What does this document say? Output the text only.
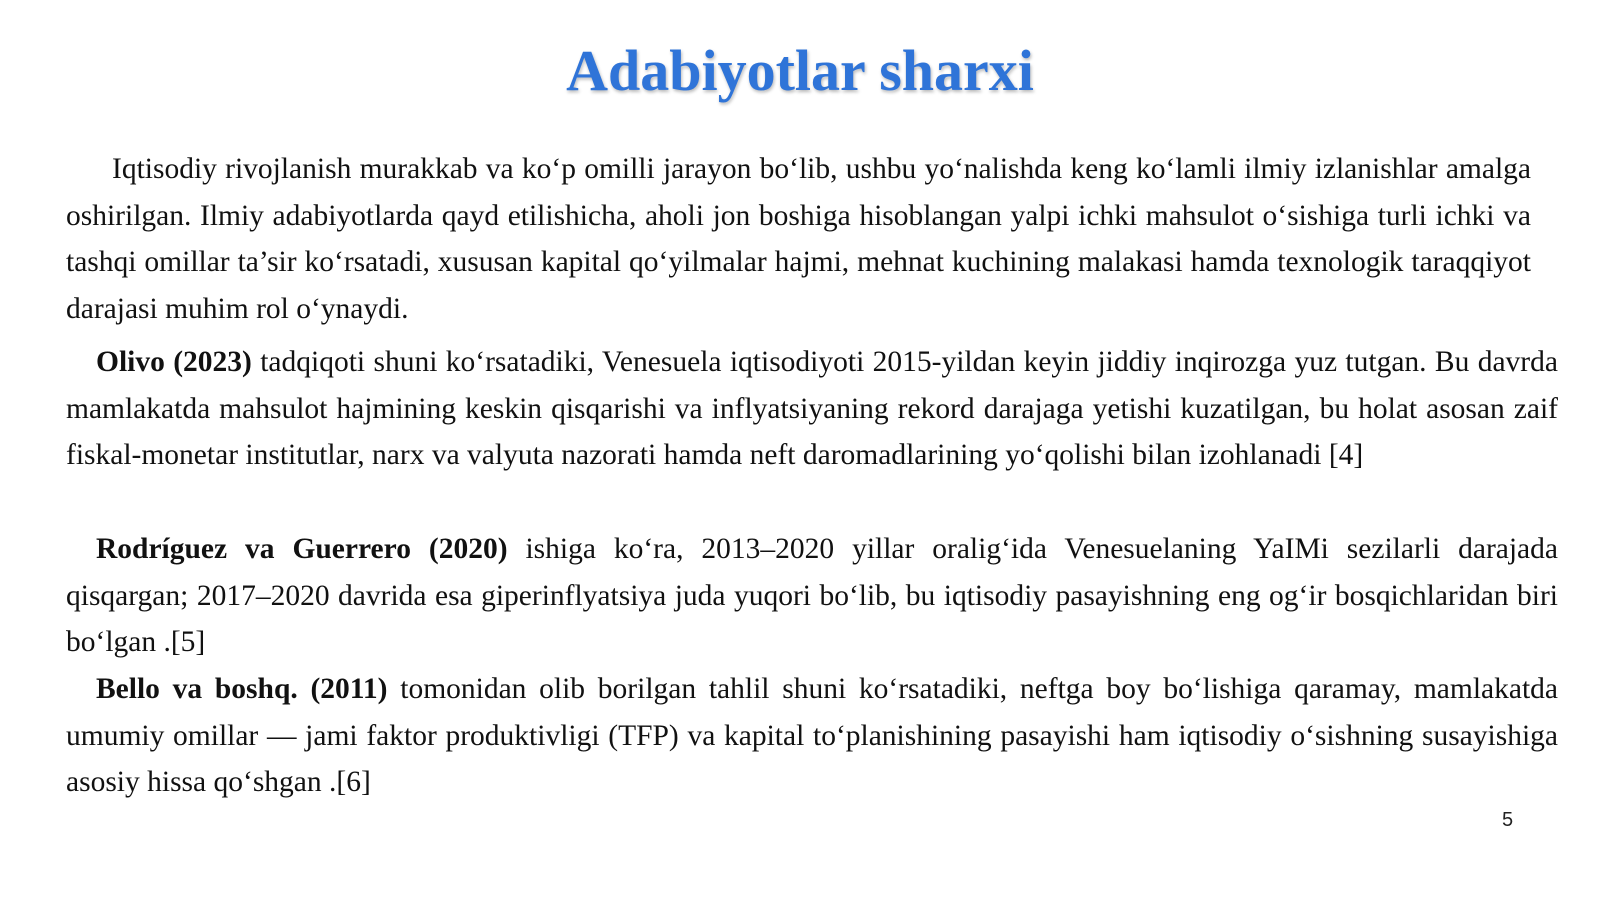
Adabiyotlar sharxi

Iqtisodiy rivojlanish murakkab va ko‘p omilli jarayon bo‘lib, ushbu yo‘nalishda keng ko‘lamli ilmiy izlanishlar amalga oshirilgan. Ilmiy adabiyotlarda qayd etilishicha, aholi jon boshiga hisoblangan yalpi ichki mahsulot o‘sishiga turli ichki va tashqi omillar ta’sir ko‘rsatadi, xususan kapital qo‘yilmalar hajmi, mehnat kuchining malakasi hamda texnologik taraqqiyot darajasi muhim rol o‘ynaydi.

Olivo (2023) tadqiqoti shuni ko‘rsatadiki, Venesuela iqtisodiyoti 2015-yildan keyin jiddiy inqirozga yuz tutgan. Bu davrda mamlakatda mahsulot hajmining keskin qisqarishi va inflyatsiyaning rekord darajaga yetishi kuzatilgan, bu holat asosan zaif fiskal-monetar institutlar, narx va valyuta nazorati hamda neft daromadlarining yo‘qolishi bilan izohlanadi [4]

Rodríguez va Guerrero (2020) ishiga ko‘ra, 2013–2020 yillar oralig‘ida Venesuelaning YaIMi sezilarli darajada qisqargan; 2017–2020 davrida esa giperinflyatsiya juda yuqori bo‘lib, bu iqtisodiy pasayishning eng og‘ir bosqichlaridan biri bo‘lgan .[5]

Bello va boshq. (2011) tomonidan olib borilgan tahlil shuni ko‘rsatadiki, neftga boy bo‘lishiga qaramay, mamlakatda umumiy omillar — jami faktor produktivligi (TFP) va kapital to‘planishining pasayishi ham iqtisodiy o‘sishning susayishiga asosiy hissa qo‘shgan .[6]

5
